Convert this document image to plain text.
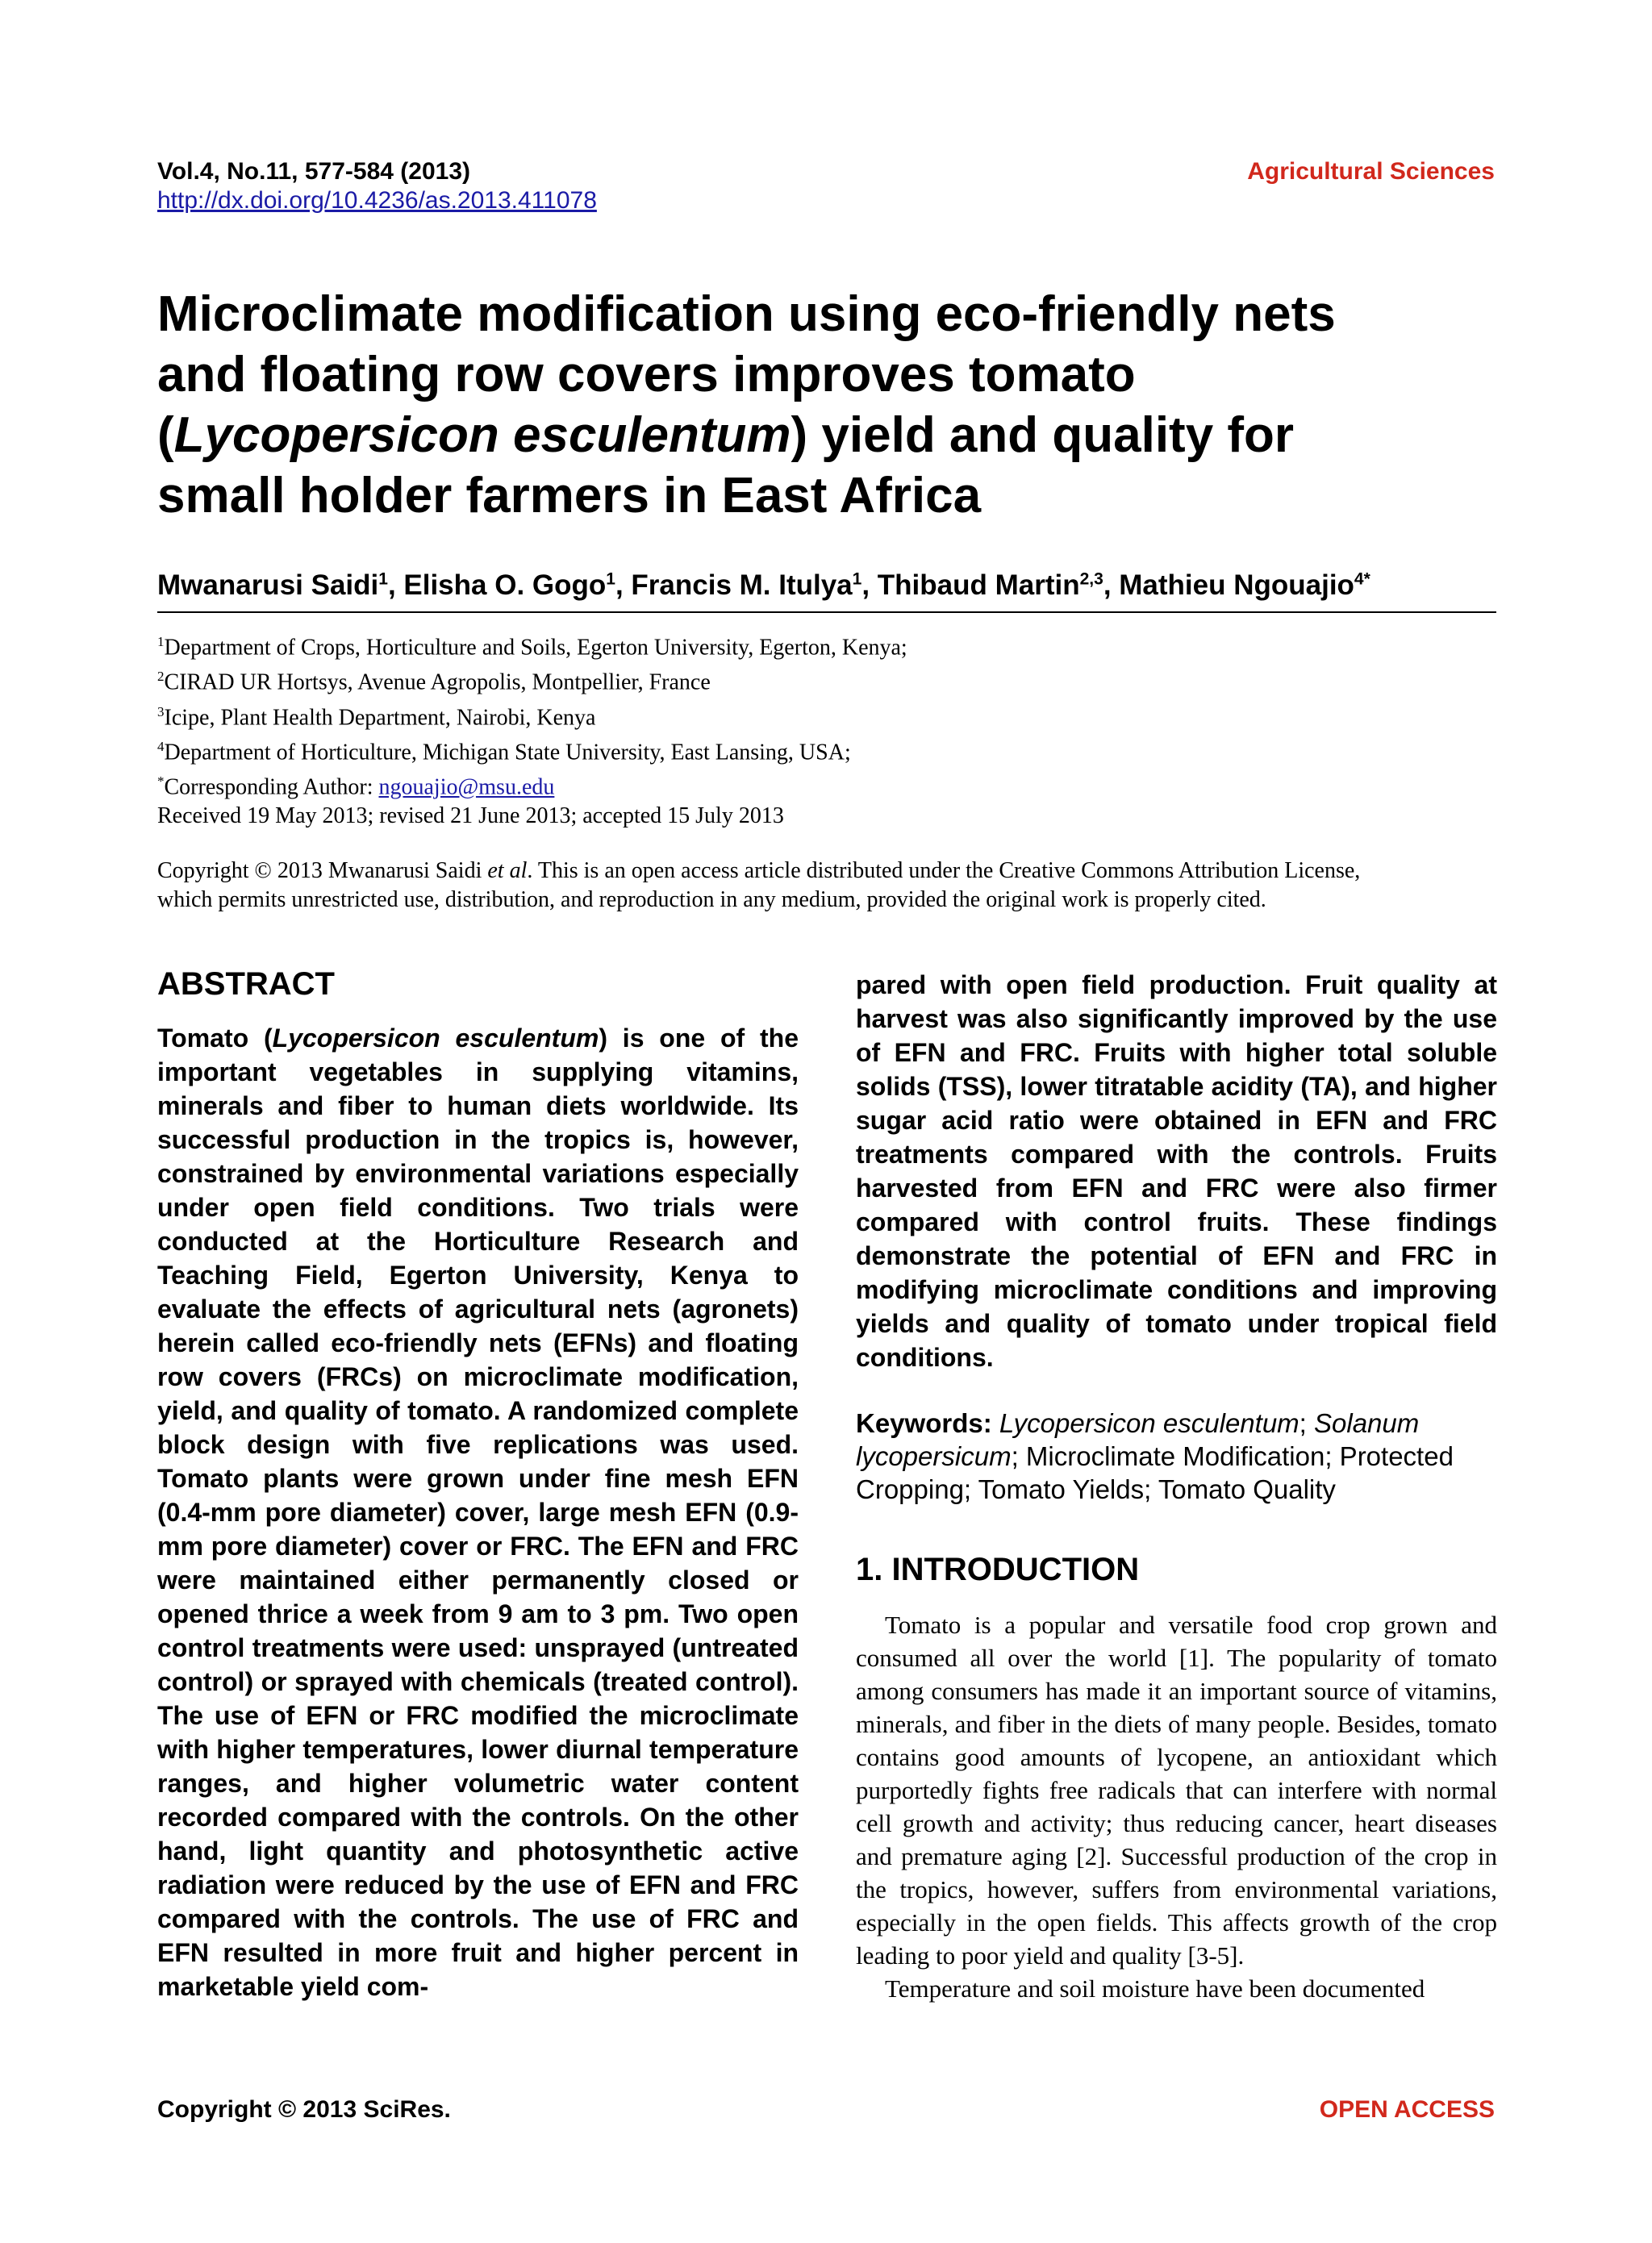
Vol.4, No.11, 577-584 (2013)
http://dx.doi.org/10.4236/as.2013.411078
Agricultural Sciences
Microclimate modification using eco-friendly nets
and floating row covers improves tomato
(Lycopersicon esculentum) yield and quality for
small holder farmers in East Africa
Mwanarusi Saidi$^1$, Elisha O. Gogo$^1$, Francis M. Itulya$^1$, Thibaud Martin$^{2,3}$, Mathieu Ngouajio$^{4*}$
$^1$Department of Crops, Horticulture and Soils, Egerton University, Egerton, Kenya;
$^2$CIRAD UR Hortsys, Avenue Agropolis, Montpellier, France
$^3$Icipe, Plant Health Department, Nairobi, Kenya
$^4$Department of Horticulture, Michigan State University, East Lansing, USA;
*Corresponding Author: ngouajio@msu.edu
Received 19 May 2013; revised 21 June 2013; accepted 15 July 2013
Copyright © 2013 Mwanarusi Saidi et al. This is an open access article distributed under the Creative Commons Attribution License,
which permits unrestricted use, distribution, and reproduction in any medium, provided the original work is properly cited.
ABSTRACT

Tomato (Lycopersicon esculentum) is one of the important vegetables in supplying vitamins, minerals and fiber to human diets worldwide. Its successful production in the tropics is, however, constrained by environmental variations especially under open field conditions. Two trials were conducted at the Horticulture Research and Teaching Field, Egerton University, Kenya to evaluate the effects of agricultural nets (agronets) herein called eco-friendly nets (EFNs) and floating row covers (FRCs) on microclimate modification, yield, and quality of tomato. A randomized complete block design with five replications was used. Tomato plants were grown under fine mesh EFN (0.4-mm pore diameter) cover, large mesh EFN (0.9-mm pore diameter) cover or FRC. The EFN and FRC were maintained either permanently closed or opened thrice a week from 9 am to 3 pm. Two open control treatments were used: unsprayed (untreated control) or sprayed with chemicals (treated control). The use of EFN or FRC modified the microclimate with higher temperatures, lower diurnal temperature ranges, and higher volumetric water content recorded compared with the controls. On the other hand, light quantity and photosynthetic active radiation were reduced by the use of EFN and FRC compared with the controls. The use of FRC and EFN resulted in more fruit and higher percent in marketable yield com-

pared with open field production. Fruit quality at harvest was also significantly improved by the use of EFN and FRC. Fruits with higher total soluble solids (TSS), lower titratable acidity (TA), and higher sugar acid ratio were obtained in EFN and FRC treatments compared with the controls. Fruits harvested from EFN and FRC were also firmer compared with control fruits. These findings demonstrate the potential of EFN and FRC in modifying microclimate conditions and improving yields and quality of tomato under tropical field conditions.

Keywords: Lycopersicon esculentum; Solanum lycopersicum; Microclimate Modification; Protected Cropping; Tomato Yields; Tomato Quality

1. INTRODUCTION

Tomato is a popular and versatile food crop grown and consumed all over the world [1]. The popularity of tomato among consumers has made it an important source of vitamins, minerals, and fiber in the diets of many people. Besides, tomato contains good amounts of lycopene, an antioxidant which purportedly fights free radicals that can interfere with normal cell growth and activity; thus reducing cancer, heart diseases and premature aging [2]. Successful production of the crop in the tropics, however, suffers from environmental variations, especially in the open fields. This affects growth of the crop leading to poor yield and quality [3-5].

Temperature and soil moisture have been documented

Copyright © 2013 SciRes.	OPEN ACCESS
